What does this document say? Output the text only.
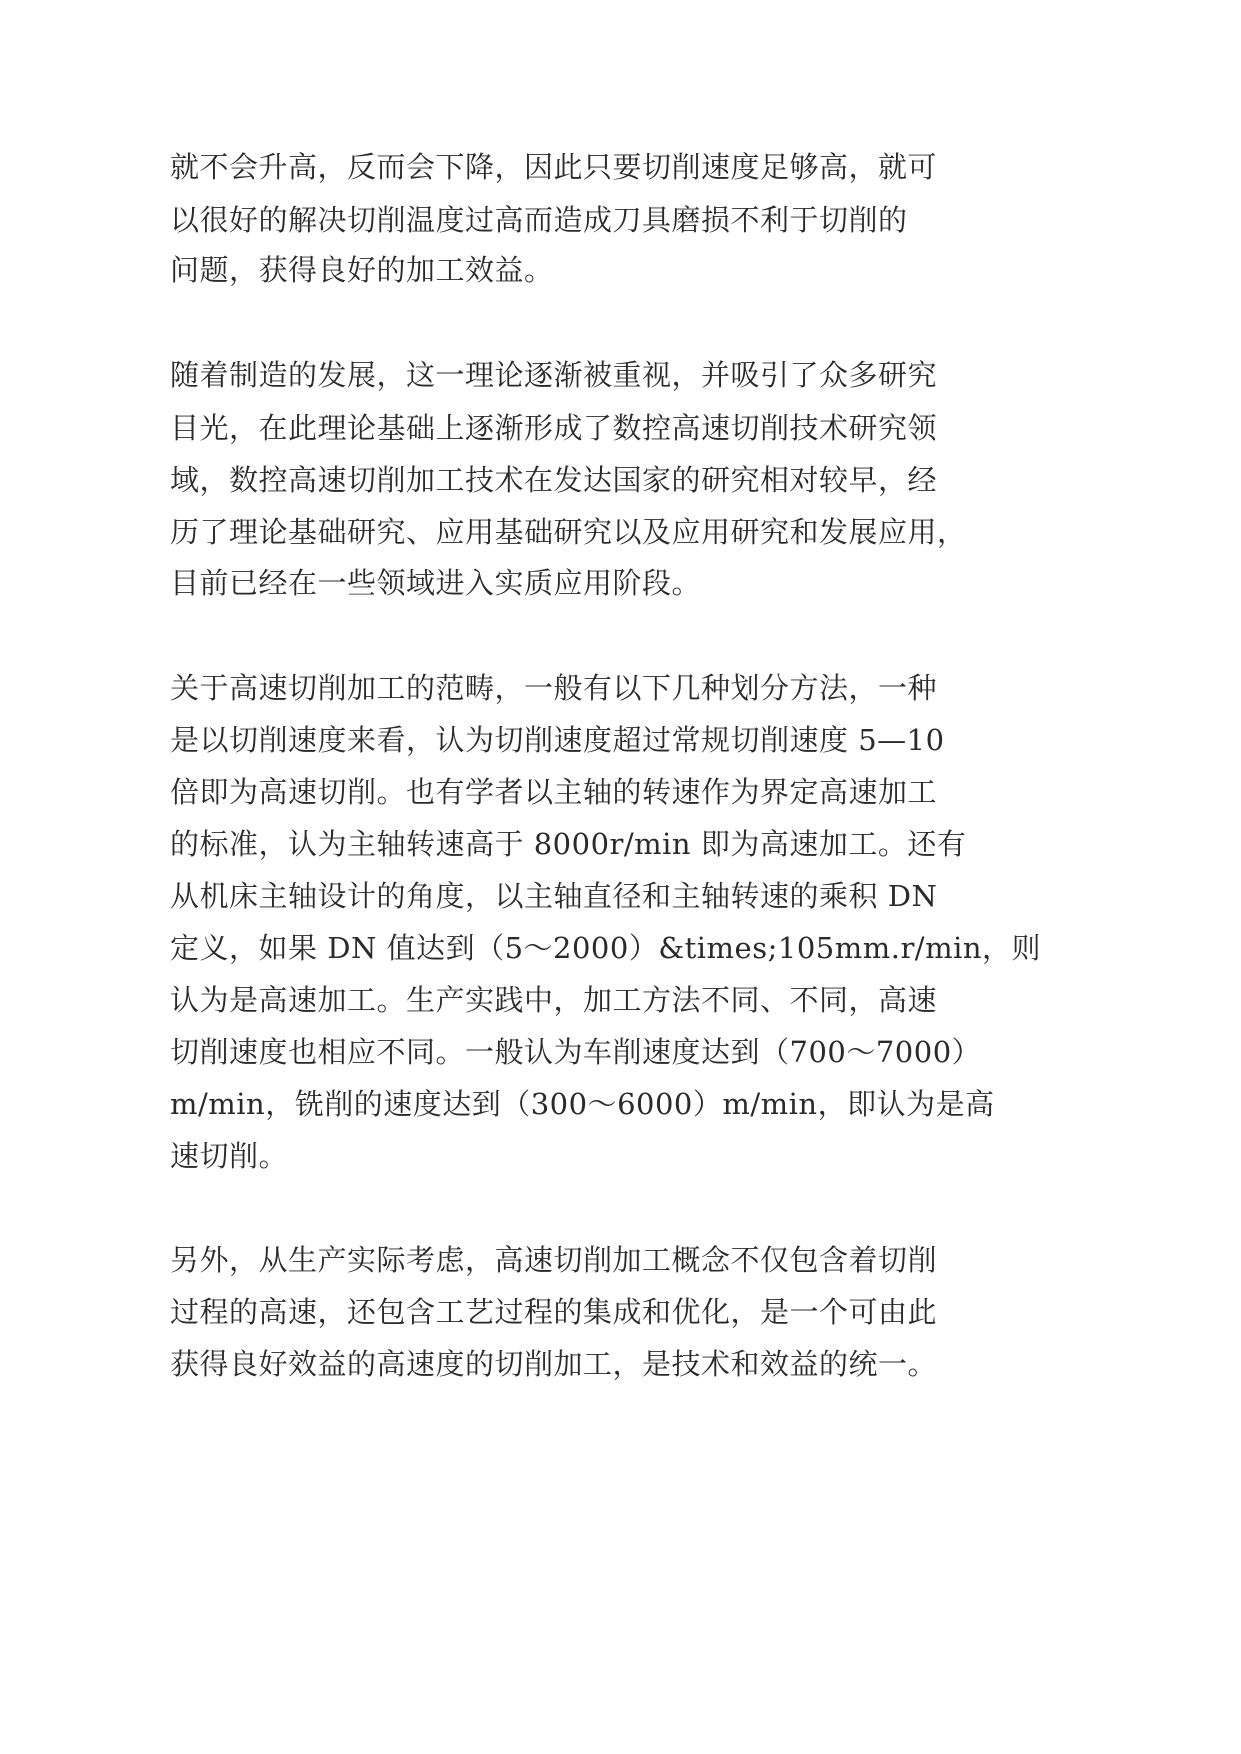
就不会升高，反而会下降，因此只要切削速度足够高，就可
以很好的解决切削温度过高而造成刀具磨损不利于切削的
问题，获得良好的加工效益。
随着制造的发展，这一理论逐渐被重视，并吸引了众多研究
目光，在此理论基础上逐渐形成了数控高速切削技术研究领
域，数控高速切削加工技术在发达国家的研究相对较早，经
历了理论基础研究、应用基础研究以及应用研究和发展应用，
目前已经在一些领域进入实质应用阶段。
关于高速切削加工的范畴，一般有以下几种划分方法，一种
是以切削速度来看，认为切削速度超过常规切削速度 5—10
倍即为高速切削。也有学者以主轴的转速作为界定高速加工
的标准，认为主轴转速高于 8000r/min 即为高速加工。还有
从机床主轴设计的角度，以主轴直径和主轴转速的乘积 DN
定义，如果 DN 值达到（5～2000）&times;105mm.r/min，则
认为是高速加工。生产实践中，加工方法不同、不同，高速
切削速度也相应不同。一般认为车削速度达到（700～7000）
m/min，铣削的速度达到（300～6000）m/min，即认为是高
速切削。
另外，从生产实际考虑，高速切削加工概念不仅包含着切削
过程的高速，还包含工艺过程的集成和优化，是一个可由此
获得良好效益的高速度的切削加工，是技术和效益的统一。
